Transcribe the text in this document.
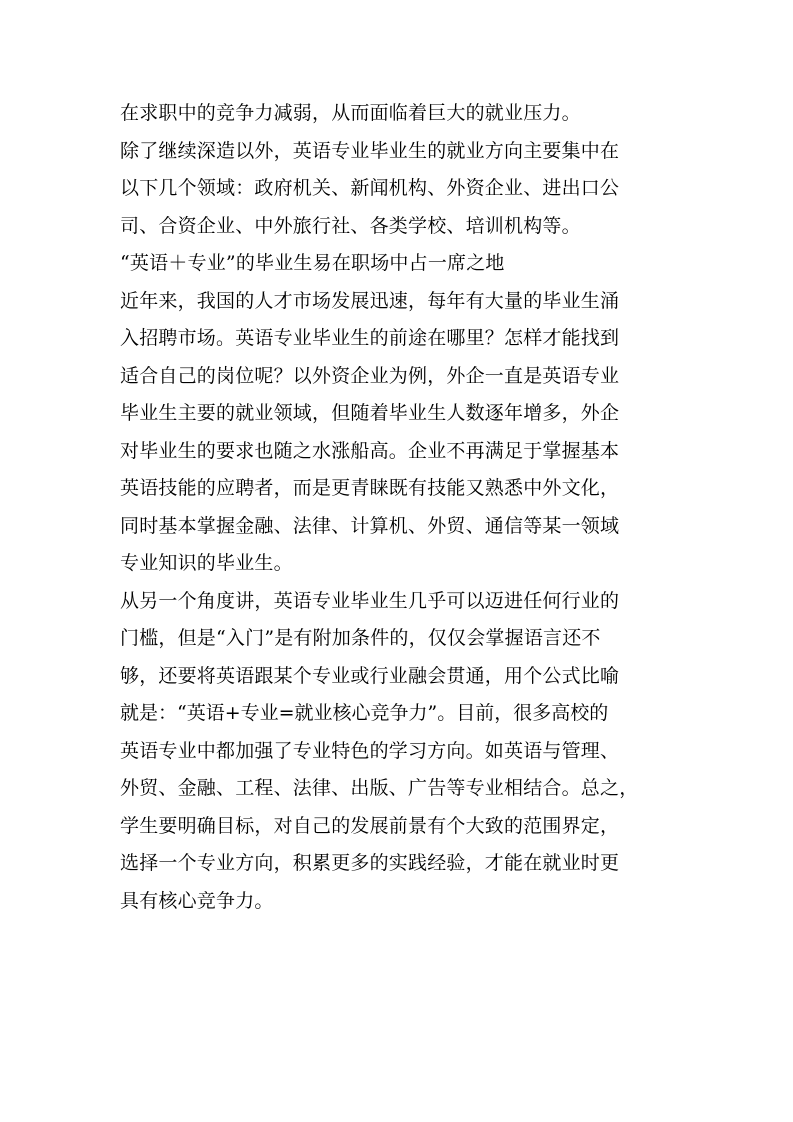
在求职中的竞争力减弱，从而面临着巨大的就业压力。
除了继续深造以外，英语专业毕业生的就业方向主要集中在
以下几个领域：政府机关、新闻机构、外资企业、进出口公
司、合资企业、中外旅行社、各类学校、培训机构等。
“英语＋专业”的毕业生易在职场中占一席之地
近年来，我国的人才市场发展迅速，每年有大量的毕业生涌
入招聘市场。英语专业毕业生的前途在哪里？怎样才能找到
适合自己的岗位呢？以外资企业为例，外企一直是英语专业
毕业生主要的就业领域，但随着毕业生人数逐年增多，外企
对毕业生的要求也随之水涨船高。企业不再满足于掌握基本
英语技能的应聘者，而是更青睐既有技能又熟悉中外文化，
同时基本掌握金融、法律、计算机、外贸、通信等某一领域
专业知识的毕业生。
从另一个角度讲，英语专业毕业生几乎可以迈进任何行业的
门槛，但是“入门”是有附加条件的，仅仅会掌握语言还不
够，还要将英语跟某个专业或行业融会贯通，用个公式比喻
就是：“英语+专业=就业核心竞争力”。目前，很多高校的
英语专业中都加强了专业特色的学习方向。如英语与管理、
外贸、金融、工程、法律、出版、广告等专业相结合。总之，
学生要明确目标，对自己的发展前景有个大致的范围界定，
选择一个专业方向，积累更多的实践经验，才能在就业时更
具有核心竞争力。
